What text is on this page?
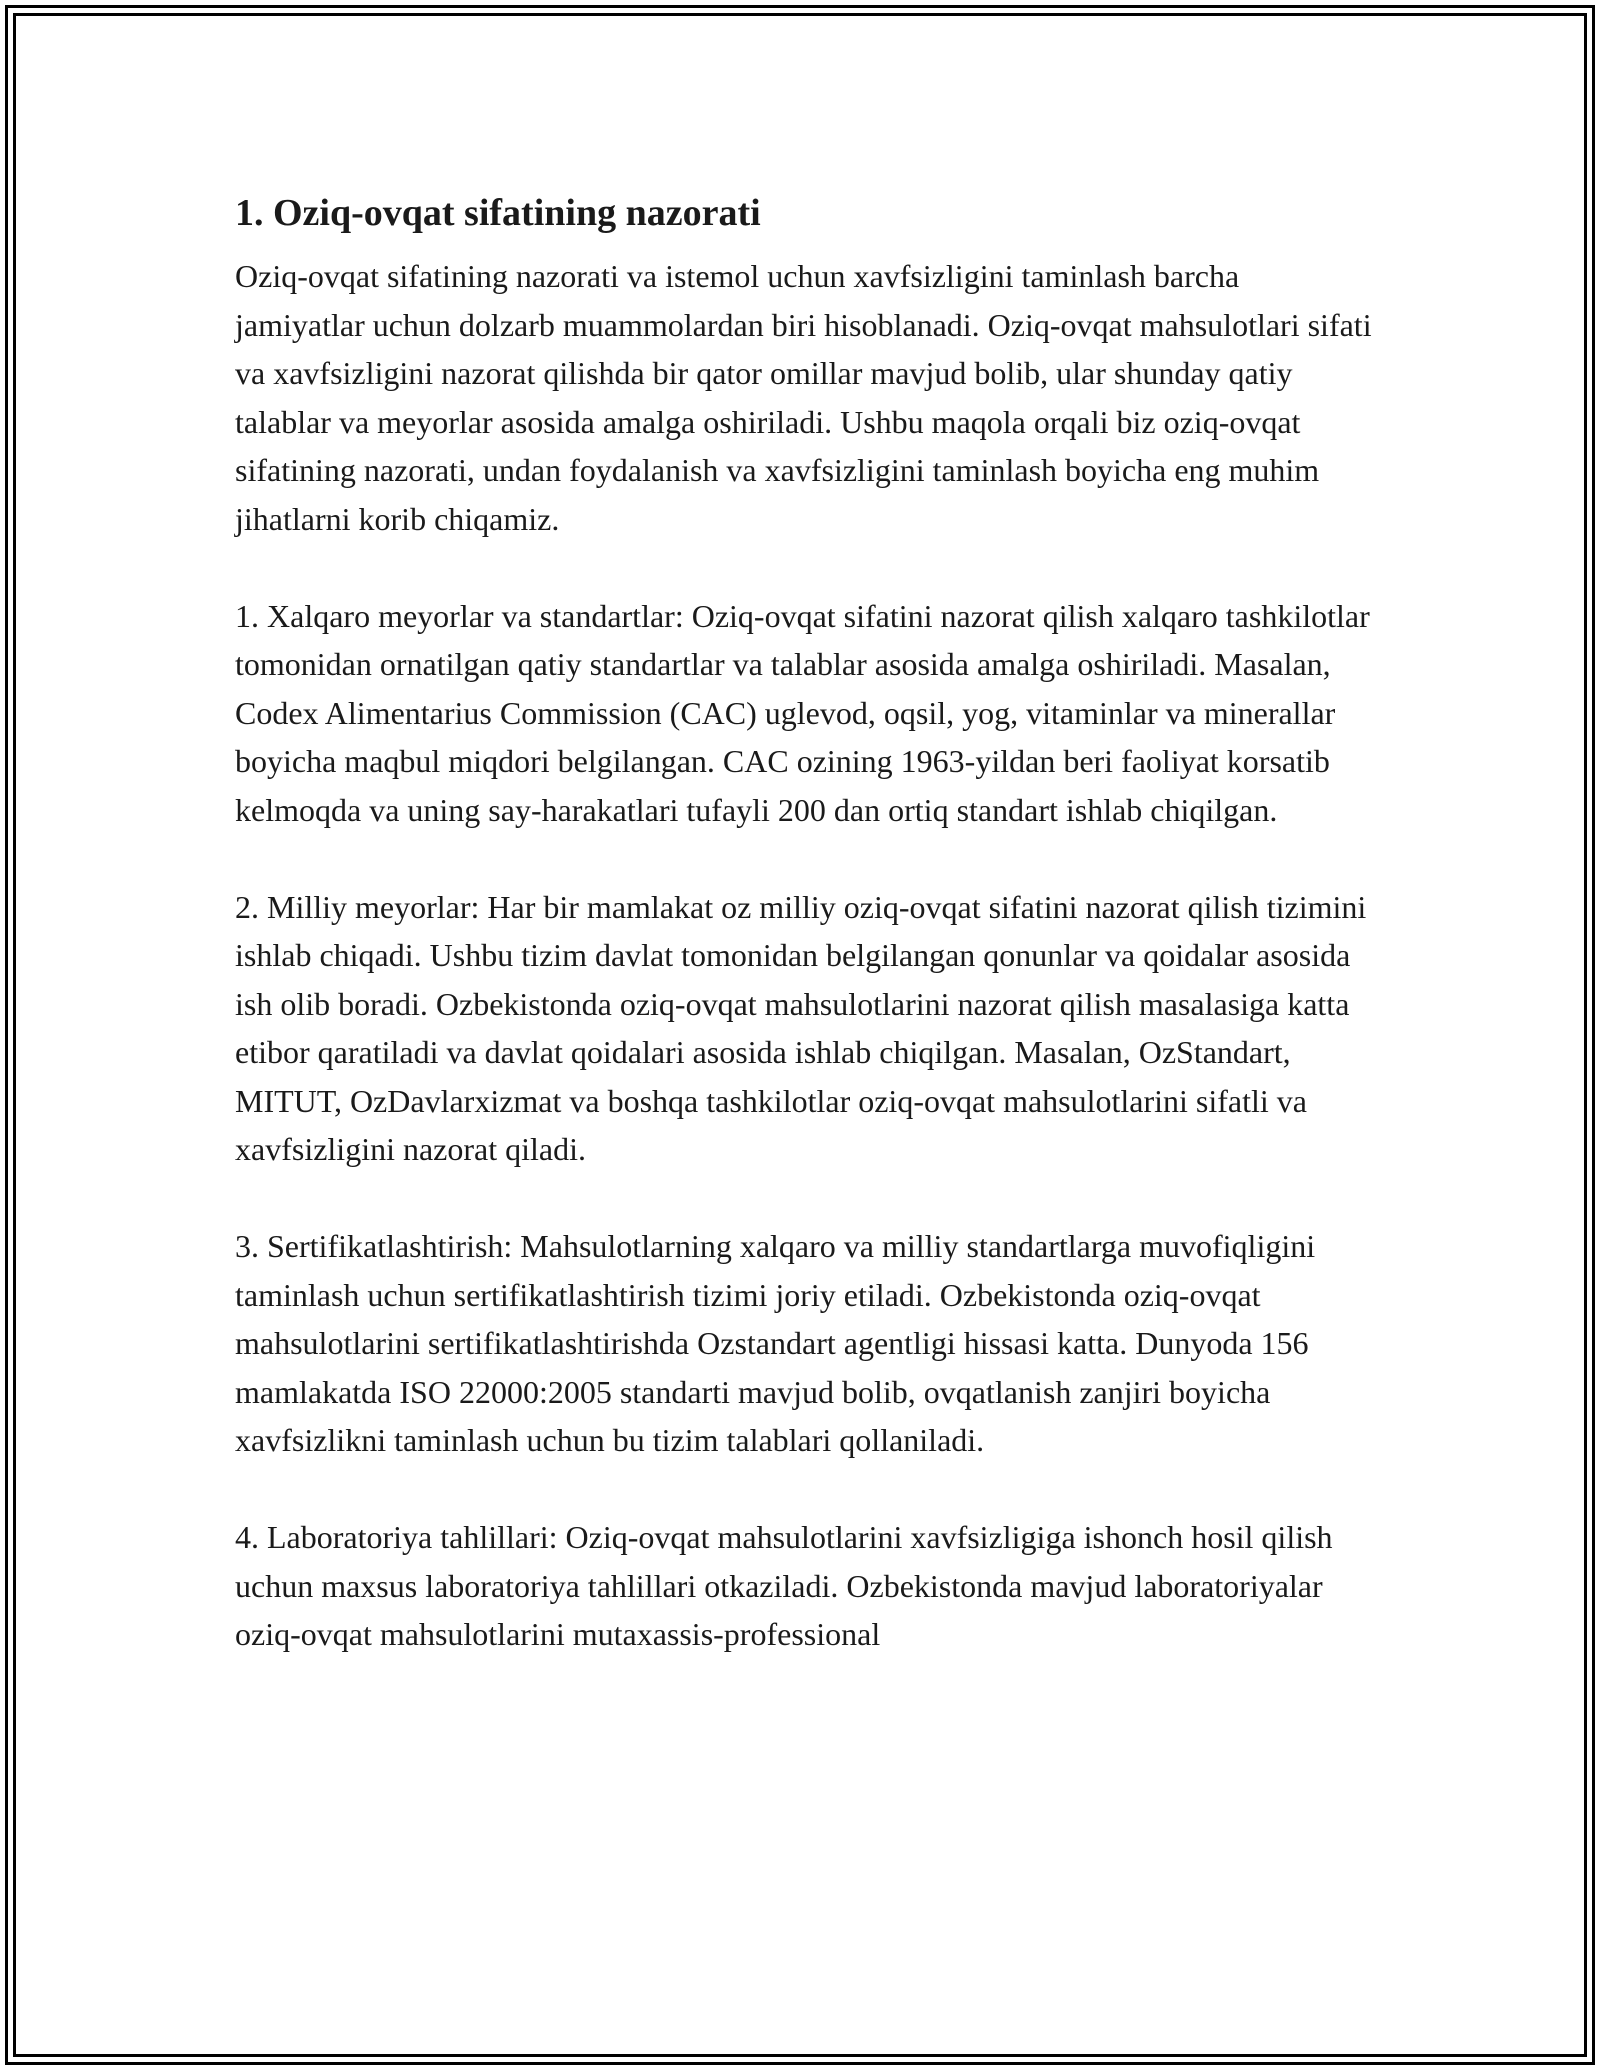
1. Oziq-ovqat sifatining nazorati

Oziq-ovqat sifatining nazorati va istemol uchun xavfsizligini taminlash barcha jamiyatlar uchun dolzarb muammolardan biri hisoblanadi. Oziq-ovqat mahsulotlari sifati va xavfsizligini nazorat qilishda bir qator omillar mavjud bolib, ular shunday qatiy talablar va meyorlar asosida amalga oshiriladi. Ushbu maqola orqali biz oziq-ovqat sifatining nazorati, undan foydalanish va xavfsizligini taminlash boyicha eng muhim jihatlarni korib chiqamiz.

1. Xalqaro meyorlar va standartlar: Oziq-ovqat sifatini nazorat qilish xalqaro tashkilotlar tomonidan ornatilgan qatiy standartlar va talablar asosida amalga oshiriladi. Masalan, Codex Alimentarius Commission (CAC) uglevod, oqsil, yog, vitaminlar va minerallar boyicha maqbul miqdori belgilangan. CAC ozining 1963-yildan beri faoliyat korsatib kelmoqda va uning say-harakatlari tufayli 200 dan ortiq standart ishlab chiqilgan.

2. Milliy meyorlar: Har bir mamlakat oz milliy oziq-ovqat sifatini nazorat qilish tizimini ishlab chiqadi. Ushbu tizim davlat tomonidan belgilangan qonunlar va qoidalar asosida ish olib boradi. Ozbekistonda oziq-ovqat mahsulotlarini nazorat qilish masalasiga katta etibor qaratiladi va davlat qoidalari asosida ishlab chiqilgan. Masalan, OzStandart, MITUT, OzDavlarxizmat va boshqa tashkilotlar oziq-ovqat mahsulotlarini sifatli va xavfsizligini nazorat qiladi.

3. Sertifikatlashtirish: Mahsulotlarning xalqaro va milliy standartlarga muvofiqligini taminlash uchun sertifikatlashtirish tizimi joriy etiladi. Ozbekistonda oziq-ovqat mahsulotlarini sertifikatlashtirishda Ozstandart agentligi hissasi katta. Dunyoda 156 mamlakatda ISO 22000:2005 standarti mavjud bolib, ovqatlanish zanjiri boyicha xavfsizlikni taminlash uchun bu tizim talablari qollaniladi.

4. Laboratoriya tahlillari: Oziq-ovqat mahsulotlarini xavfsizligiga ishonch hosil qilish uchun maxsus laboratoriya tahlillari otkaziladi. Ozbekistonda mavjud laboratoriyalar oziq-ovqat mahsulotlarini mutaxassis-professional
